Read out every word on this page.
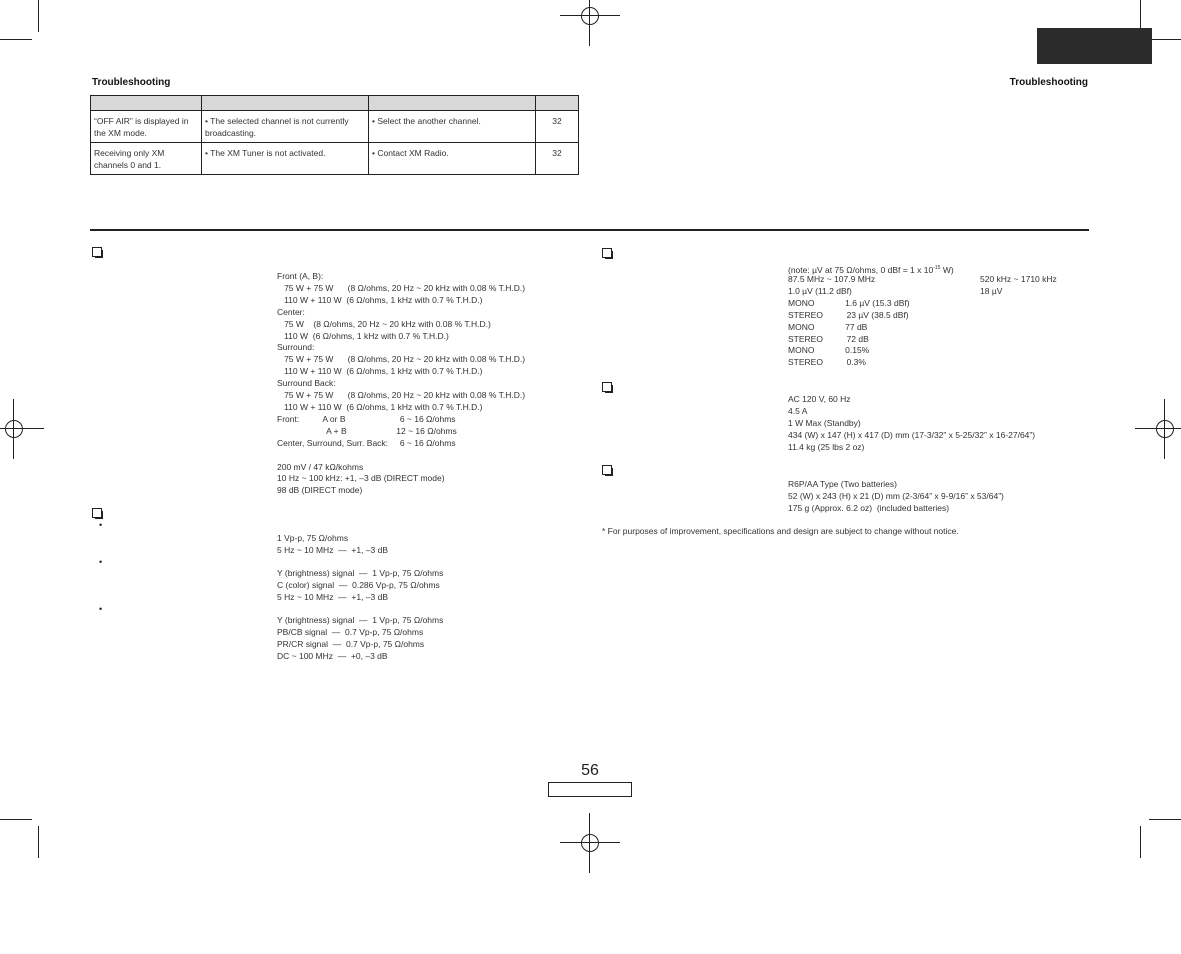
Troubleshooting	Troubleshooting

“OFF AIR” is displayed in the XM mode.	• The selected channel is not currently broadcasting.	• Select the another channel.	32
Receiving only XM channels 0 and 1.	• The XM Tuner is not activated.	• Contact XM Radio.	32
•
•
•
Front (A, B):
75 W + 75 W      (8 Ω/ohms, 20 Hz ~ 20 kHz with 0.08 % T.H.D.)
110 W + 110 W  (6 Ω/ohms, 1 kHz with 0.7 % T.H.D.)
Center:
75 W    (8 Ω/ohms, 20 Hz ~ 20 kHz with 0.08 % T.H.D.)
110 W  (6 Ω/ohms, 1 kHz with 0.7 % T.H.D.)
Surround:
75 W + 75 W      (8 Ω/ohms, 20 Hz ~ 20 kHz with 0.08 % T.H.D.)
110 W + 110 W  (6 Ω/ohms, 1 kHz with 0.7 % T.H.D.)
Surround Back:
75 W + 75 W      (8 Ω/ohms, 20 Hz ~ 20 kHz with 0.08 % T.H.D.)
110 W + 110 W  (6 Ω/ohms, 1 kHz with 0.7 % T.H.D.)
Front:          A or B                       6 ~ 16 Ω/ohms
A + B                     12 ~ 16 Ω/ohms
Center, Surround, Surr. Back:     6 ~ 16 Ω/ohms

200 mV / 47 kΩ/kohms
10 Hz ~ 100 kHz: +1, –3 dB (DIRECT mode)
98 dB (DIRECT mode)
1 Vp-p, 75 Ω/ohms
5 Hz ~ 10 MHz  —  +1, –3 dB
Y (brightness) signal  —  1 Vp-p, 75 Ω/ohms
C (color) signal  —  0.286 Vp-p, 75 Ω/ohms
5 Hz ~ 10 MHz  —  +1, –3 dB
Y (brightness) signal  —  1 Vp-p, 75 Ω/ohms
PB/CB signal  —  0.7 Vp-p, 75 Ω/ohms
PR/CR signal  —  0.7 Vp-p, 75 Ω/ohms
DC ~ 100 MHz  —  +0, –3 dB
(note: µV at 75 Ω/ohms, 0 dBf = 1 x $10^{-15}$ W)
87.5 MHz ~ 107.9 MHz
1.0 µV (11.2 dBf)
MONO             1.6 µV (15.3 dBf)
STEREO          23 µV (38.5 dBf)
MONO             77 dB
STEREO          72 dB
MONO             0.15%
STEREO          0.3%
520 kHz ~ 1710 kHz
18 µV
AC 120 V, 60 Hz
4.5 A
1 W Max (Standby)
434 (W) x 147 (H) x 417 (D) mm (17-3/32” x 5-25/32” x 16-27/64”)
11.4 kg (25 lbs 2 oz)
R6P/AA Type (Two batteries)
52 (W) x 243 (H) x 21 (D) mm (2-3/64” x 9-9/16” x 53/64”)
175 g (Approx. 6.2 oz)  (included batteries)
* For purposes of improvement, specifications and design are subject to change without notice.
56
